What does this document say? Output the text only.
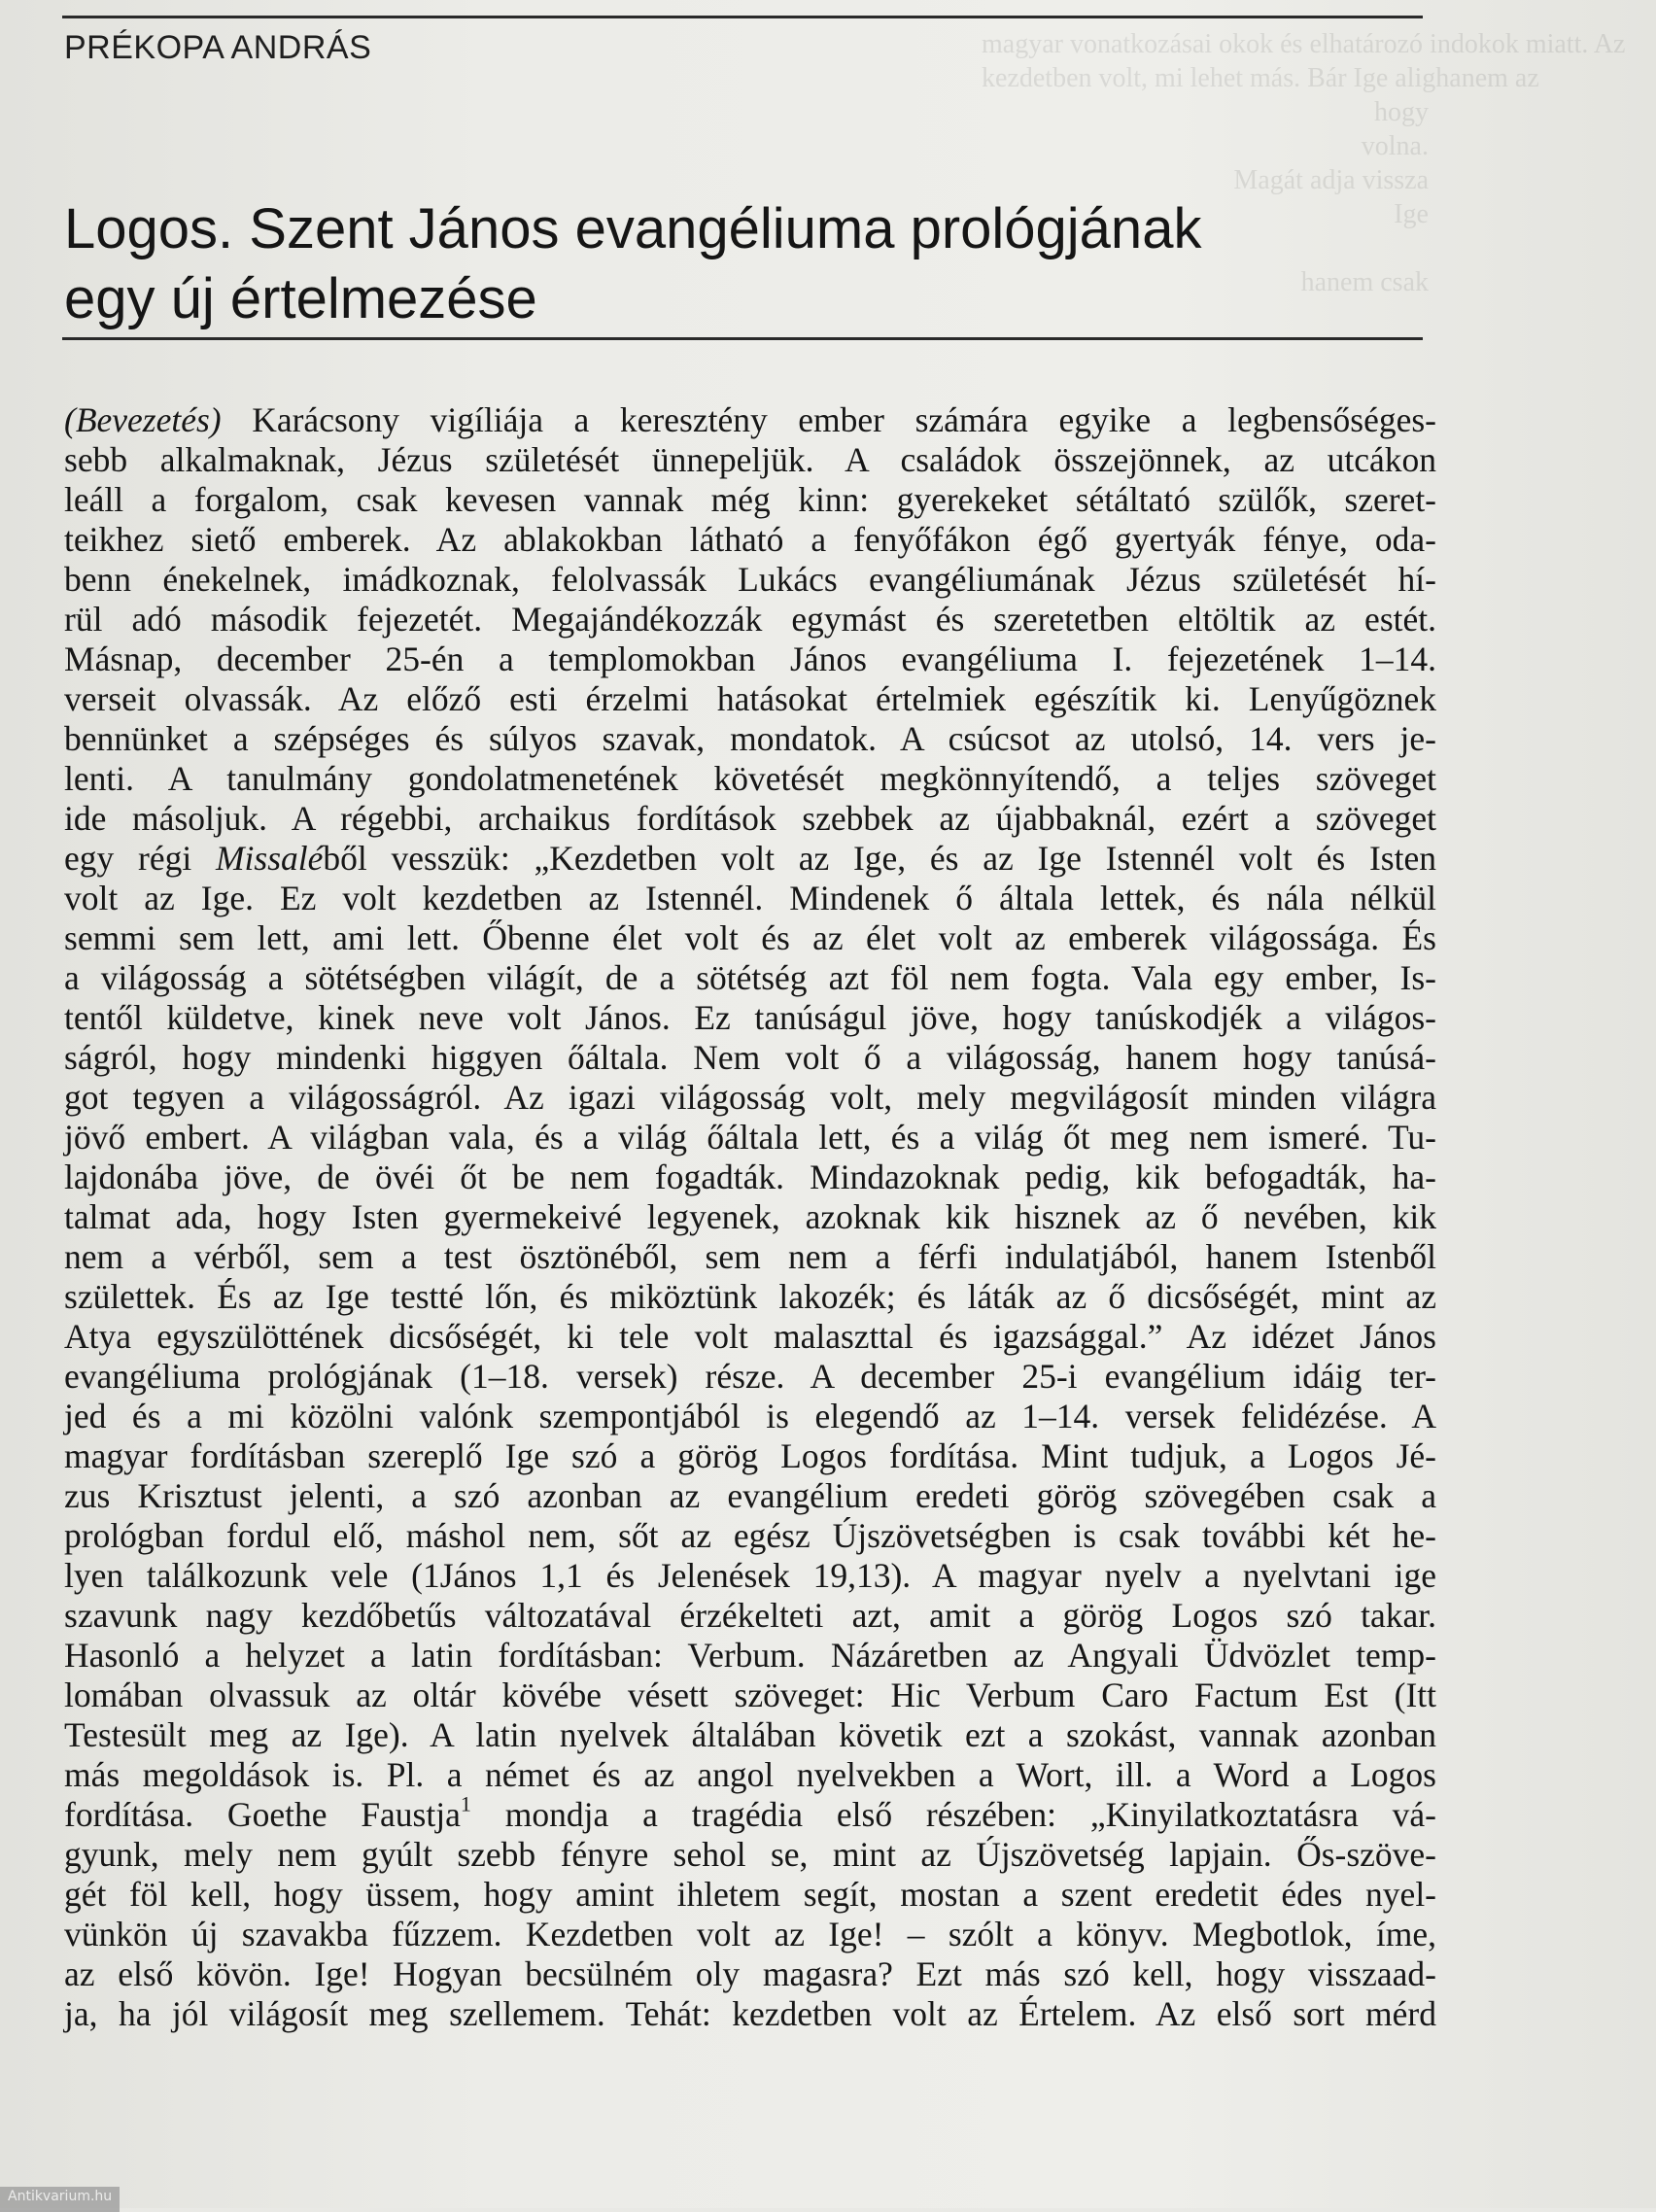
PRÉKOPA ANDRÁS	magyar vonatkozásai okok és elhatározó indokok miatt. Az
kezdetben volt, mi lehet más. Bár Ige alighanem az
hogy
volna.
Magát adja vissza
Ige

hanem csak
Logos. Szent János evangéliuma prológjának
egy új értelmezése
(Bevezetés) Karácsony vigíliája a keresztény ember számára egyike a legbensőséges-
sebb alkalmaknak, Jézus születését ünnepeljük. A családok összejönnek, az utcákon
leáll a forgalom, csak kevesen vannak még kinn: gyerekeket sétáltató szülők, szeret-
teikhez siető emberek. Az ablakokban látható a fenyőfákon égő gyertyák fénye, oda-
benn énekelnek, imádkoznak, felolvassák Lukács evangéliumának Jézus születését hí-
rül adó második fejezetét. Megajándékozzák egymást és szeretetben eltöltik az estét.
Másnap, december 25-én a templomokban János evangéliuma I. fejezetének 1–14.
verseit olvassák. Az előző esti érzelmi hatásokat értelmiek egészítik ki. Lenyűgöznek
bennünket a szépséges és súlyos szavak, mondatok. A csúcsot az utolsó, 14. vers je-
lenti. A tanulmány gondolatmenetének követését megkönnyítendő, a teljes szöveget
ide másoljuk. A régebbi, archaikus fordítások szebbek az újabbaknál, ezért a szöveget
egy régi Missaléből vesszük: „Kezdetben volt az Ige, és az Ige Istennél volt és Isten
volt az Ige. Ez volt kezdetben az Istennél. Mindenek ő általa lettek, és nála nélkül
semmi sem lett, ami lett. Őbenne élet volt és az élet volt az emberek világossága. És
a világosság a sötétségben világít, de a sötétség azt föl nem fogta. Vala egy ember, Is-
tentől küldetve, kinek neve volt János. Ez tanúságul jöve, hogy tanúskodjék a világos-
ságról, hogy mindenki higgyen őáltala. Nem volt ő a világosság, hanem hogy tanúsá-
got tegyen a világosságról. Az igazi világosság volt, mely megvilágosít minden világra
jövő embert. A világban vala, és a világ őáltala lett, és a világ őt meg nem ismeré. Tu-
lajdonába jöve, de övéi őt be nem fogadták. Mindazoknak pedig, kik befogadták, ha-
talmat ada, hogy Isten gyermekeivé legyenek, azoknak kik hisznek az ő nevében, kik
nem a vérből, sem a test ösztönéből, sem nem a férfi indulatjából, hanem Istenből
születtek. És az Ige testté lőn, és miköztünk lakozék; és láták az ő dicsőségét, mint az
Atya egyszülöttének dicsőségét, ki tele volt malaszttal és igazsággal.” Az idézet János
evangéliuma prológjának (1–18. versek) része. A december 25-i evangélium idáig ter-
jed és a mi közölni valónk szempontjából is elegendő az 1–14. versek felidézése. A
magyar fordításban szereplő Ige szó a görög Logos fordítása. Mint tudjuk, a Logos Jé-
zus Krisztust jelenti, a szó azonban az evangélium eredeti görög szövegében csak a
prológban fordul elő, máshol nem, sőt az egész Újszövetségben is csak további két he-
lyen találkozunk vele (1János 1,1 és Jelenések 19,13). A magyar nyelv a nyelvtani ige
szavunk nagy kezdőbetűs változatával érzékelteti azt, amit a görög Logos szó takar.
Hasonló a helyzet a latin fordításban: Verbum. Názáretben az Angyali Üdvözlet temp-
lomában olvassuk az oltár kövébe vésett szöveget: Hic Verbum Caro Factum Est (Itt
Testesült meg az Ige). A latin nyelvek általában követik ezt a szokást, vannak azonban
más megoldások is. Pl. a német és az angol nyelvekben a Wort, ill. a Word a Logos
fordítása. Goethe Faustja$^1$ mondja a tragédia első részében: „Kinyilatkoztatásra vá-
gyunk, mely nem gyúlt szebb fényre sehol se, mint az Újszövetség lapjain. Ős-szöve-
gét föl kell, hogy üssem, hogy amint ihletem segít, mostan a szent eredetit édes nyel-
vünkön új szavakba fűzzem. Kezdetben volt az Ige! – szólt a könyv. Megbotlok, íme,
az első kövön. Ige! Hogyan becsülném oly magasra? Ezt más szó kell, hogy visszaad-
ja, ha jól világosít meg szellemem. Tehát: kezdetben volt az Értelem. Az első sort mérd
Antikvarium.hu
